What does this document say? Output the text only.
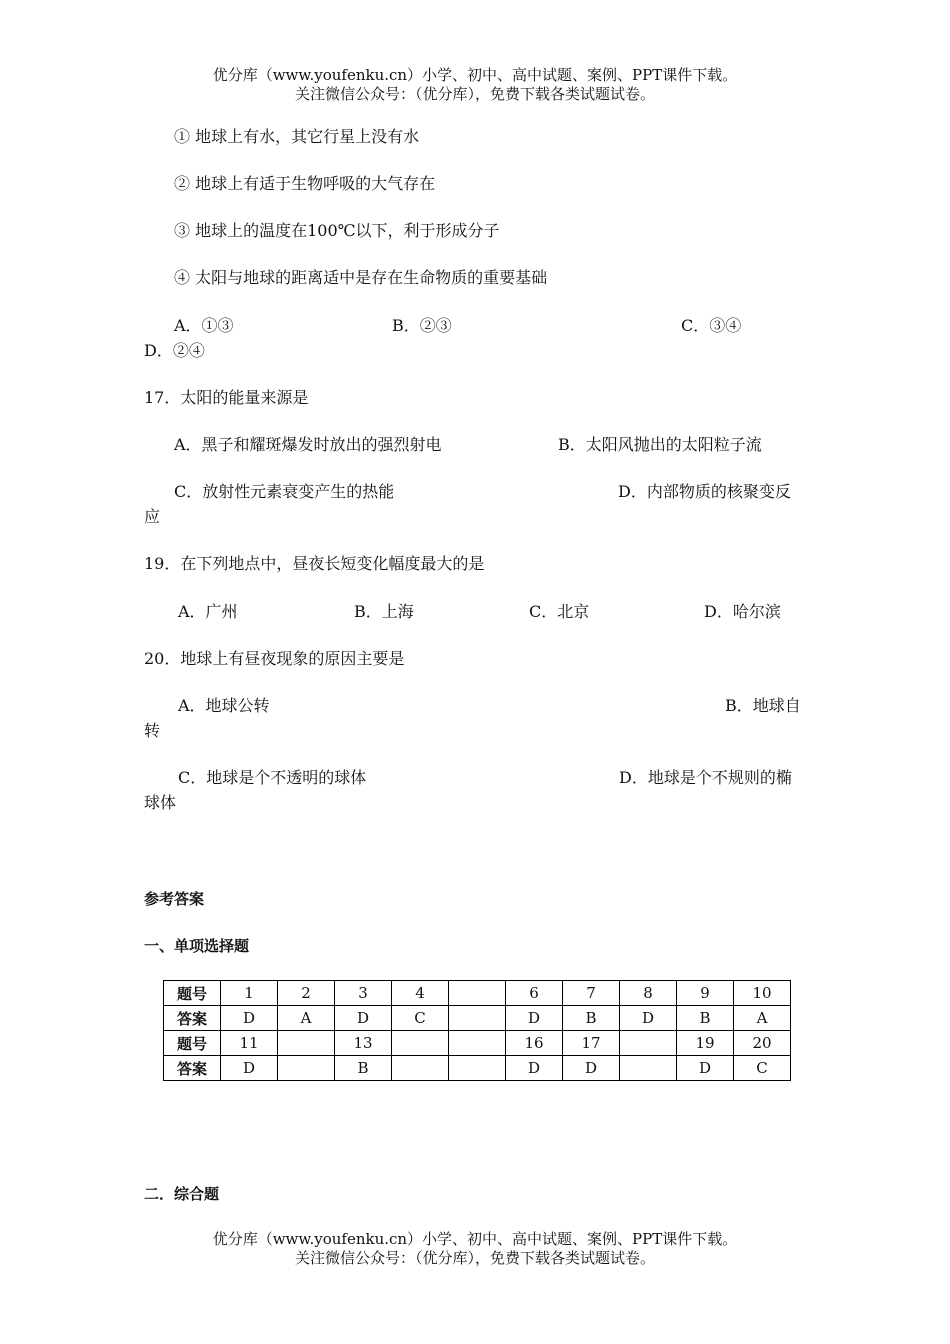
优分库（www.youfenku.cn）小学、初中、高中试题、案例、PPT课件下载。
关注微信公众号：（优分库），免费下载各类试题试卷。
① 地球上有水，其它行星上没有水
② 地球上有适于生物呼吸的大气存在
③ 地球上的温度在100℃以下，利于形成分子
④ 太阳与地球的距离适中是存在生命物质的重要基础
A．①③	B．②③	C．③④
D．②④
17．太阳的能量来源是
A．黑子和耀斑爆发时放出的强烈射电	B．太阳风抛出的太阳粒子流
C．放射性元素衰变产生的热能	D．内部物质的核聚变反
应
19．在下列地点中，昼夜长短变化幅度最大的是
A．广州	B．上海	C．北京	D．哈尔滨
20．地球上有昼夜现象的原因主要是
A．地球公转	B．地球自
转
C．地球是个不透明的球体	D．地球是个不规则的椭
球体
参考答案
一、单项选择题
题号	1	2	3	4		6	7	8	9	10
答案	D	A	D	C		D	B	D	B	A
题号	11		13			16	17		19	20
答案	D		B			D	D		D	C
二．综合题
优分库（www.youfenku.cn）小学、初中、高中试题、案例、PPT课件下载。
关注微信公众号：（优分库），免费下载各类试题试卷。
